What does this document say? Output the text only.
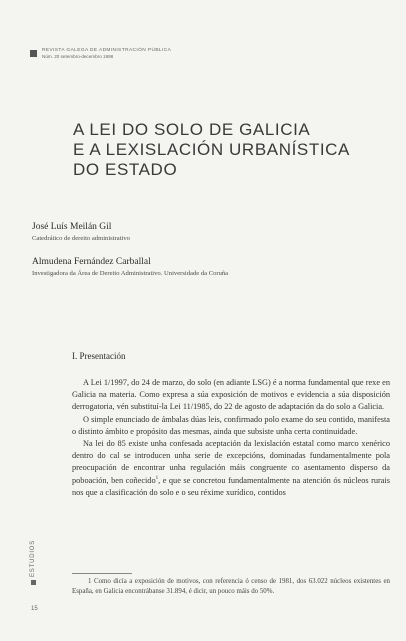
REVISTA GALEGA DE ADMINISTRACIÓN PÚBLICA
Núm. 20 setembro-decembro 1998
A LEI DO SOLO DE GALICIA
E A LEXISLACIÓN URBANÍSTICA
DO ESTADO
José Luís Meilán Gil
Catedrático de dereito administrativo
Almudena Fernández Carballal
Investigadora da Área de Dereito Administrativo. Universidade da Coruña
I. Presentación

A Lei 1/1997, do 24 de marzo, do solo (en adiante LSG) é a norma fundamental que rexe en Galicia na materia. Como expresa a súa exposición de motivos e evidencia a súa disposición derrogatoria, vén substituí-la Lei 11/1985, do 22 de agosto de adaptación da do solo a Galicia.

O simple enunciado de ámbalas dúas leis, confirmado polo exame do seu contido, manifesta o distinto ámbito e propósito das mesmas, ainda que subsiste unha certa continuidade.

Na lei do 85 existe unha confesada aceptación da lexislación estatal como marco xenérico dentro do cal se introducen unha serie de excepcións, dominadas fundamentalmente pola preocupación de encontrar unha regulación máis congruente co asentamento disperso da poboación, ben coñecido$^1$, e que se concretou fundamentalmente na atención ós núcleos rurais nos que a clasificación do solo e o seu réxime xurídico, contidos

1 Como dicía a exposición de motivos, con referencia ó censo de 1981, dos 63.022 núcleos existentes en España, en Galicia encontrábanse 31.894, é dicir, un pouco máis do 50%.

ESTUDIOS
15
